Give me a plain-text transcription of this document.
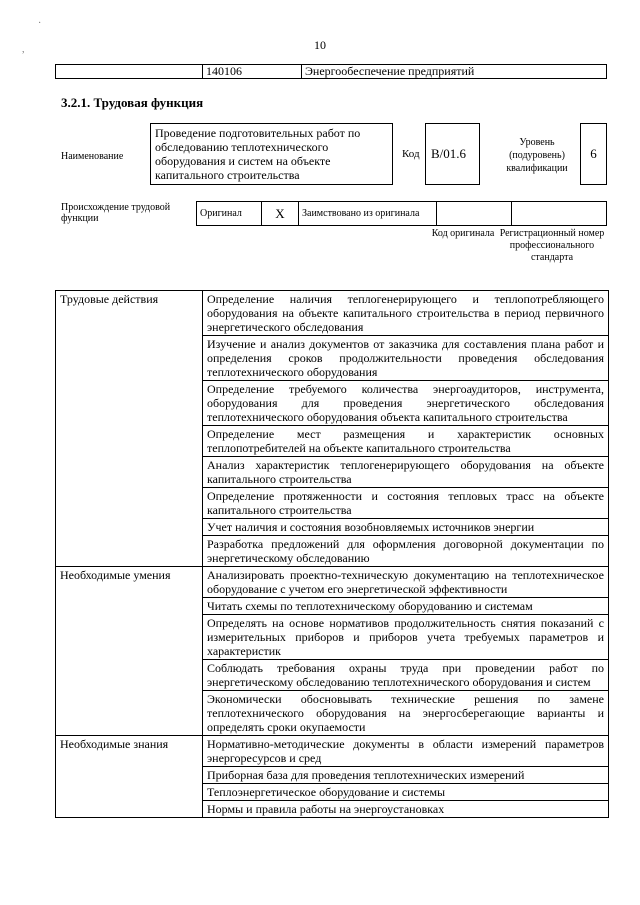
10
	140106	Энергообеспечение предприятий
3.2.1. Трудовая функция
Наименование
Проведение подготовительных работ по обследованию теплотехнического оборудования и систем на объекте капитального строительства
Код B/01.6
Уровень (подуровень) квалификации
6
Происхождение трудовой функции	Оригинал	X	Заимствовано из оригинала		
Код оригинала Регистрационный номер профессионального стандарта
·
,
Трудовые действия	Определение наличия теплогенерирующего и теплопотребляющего оборудования на объекте капитального строительства в период первичного энергетического обследования
	Изучение и анализ документов от заказчика для составления плана работ и определения сроков продолжительности проведения обследования теплотехнического оборудования
	Определение требуемого количества энергоаудиторов, инструмента, оборудования для проведения энергетического обследования теплотехнического оборудования объекта капитального строительства
	Определение мест размещения и характеристик основных теплопотребителей на объекте капитального строительства
	Анализ характеристик теплогенерирующего оборудования на объекте капитального строительства
	Определение протяженности и состояния тепловых трасс на объекте капитального строительства
	Учет наличия и состояния возобновляемых источников энергии
	Разработка предложений для оформления договорной документации по энергетическому обследованию
Необходимые умения	Анализировать проектно-техническую документацию на теплотехническое оборудование с учетом его энергетической эффективности
	Читать схемы по теплотехническому оборудованию и системам
	Определять на основе нормативов продолжительность снятия показаний с измерительных приборов и приборов учета требуемых параметров и характеристик
	Соблюдать требования охраны труда при проведении работ по энергетическому обследованию теплотехнического оборудования и систем
	Экономически обосновывать технические решения по замене теплотехнического оборудования на энергосберегающие варианты и определять сроки окупаемости
Необходимые знания	Нормативно-методические документы в области измерений параметров энергоресурсов и сред
	Приборная база для проведения теплотехнических измерений
	Теплоэнергетическое оборудование и системы
	Нормы и правила работы на энергоустановках
